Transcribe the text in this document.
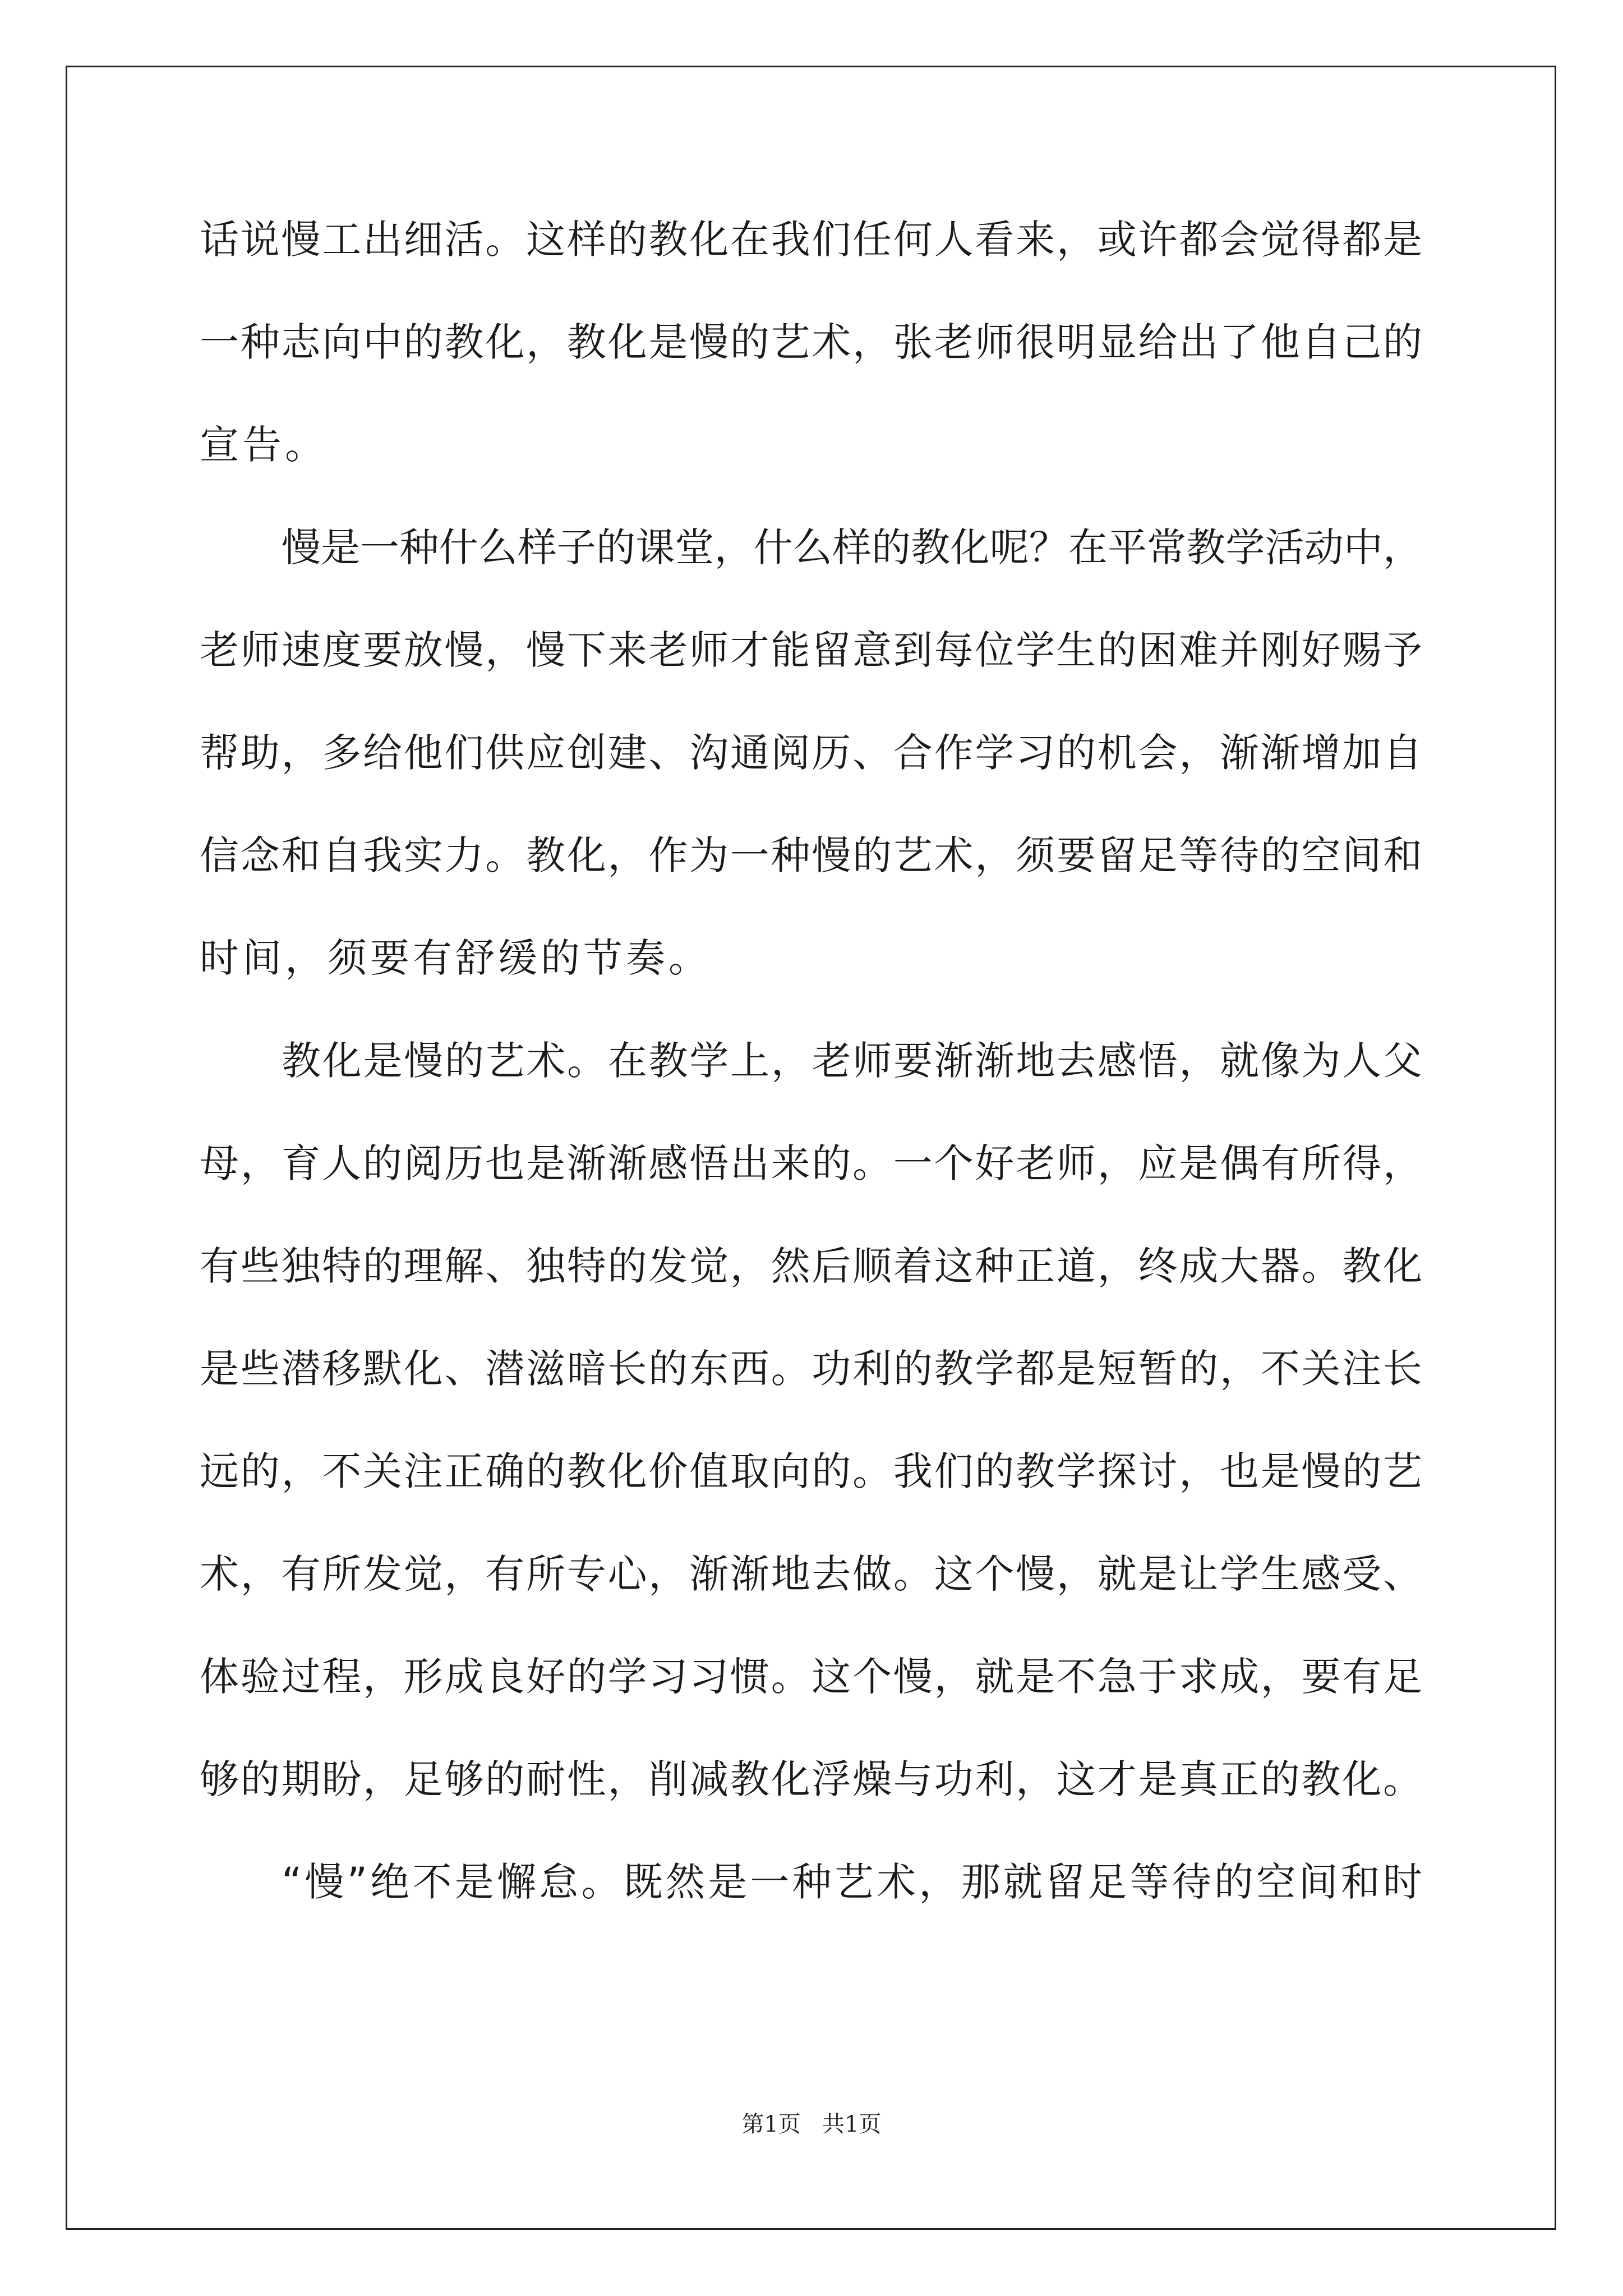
话说慢工出细活。这样的教化在我们任何人看来，或许都会觉得都是
一种志向中的教化，教化是慢的艺术，张老师很明显给出了他自己的
宣告。
慢是一种什么样子的课堂，什么样的教化呢？在平常教学活动中，
老师速度要放慢，慢下来老师才能留意到每位学生的困难并刚好赐予
帮助，多给他们供应创建、沟通阅历、合作学习的机会，渐渐增加自
信念和自我实力。教化，作为一种慢的艺术，须要留足等待的空间和
时间，须要有舒缓的节奏。
教化是慢的艺术。在教学上，老师要渐渐地去感悟，就像为人父
母，育人的阅历也是渐渐感悟出来的。一个好老师，应是偶有所得，
有些独特的理解、独特的发觉，然后顺着这种正道，终成大器。教化
是些潜移默化、潜滋暗长的东西。功利的教学都是短暂的，不关注长
远的，不关注正确的教化价值取向的。我们的教学探讨，也是慢的艺
术，有所发觉，有所专心，渐渐地去做。这个慢，就是让学生感受、
体验过程，形成良好的学习习惯。这个慢，就是不急于求成，要有足
够的期盼，足够的耐性，削减教化浮燥与功利，这才是真正的教化。
“慢”绝不是懈怠。既然是一种艺术，那就留足等待的空间和时
第1页   共1页
